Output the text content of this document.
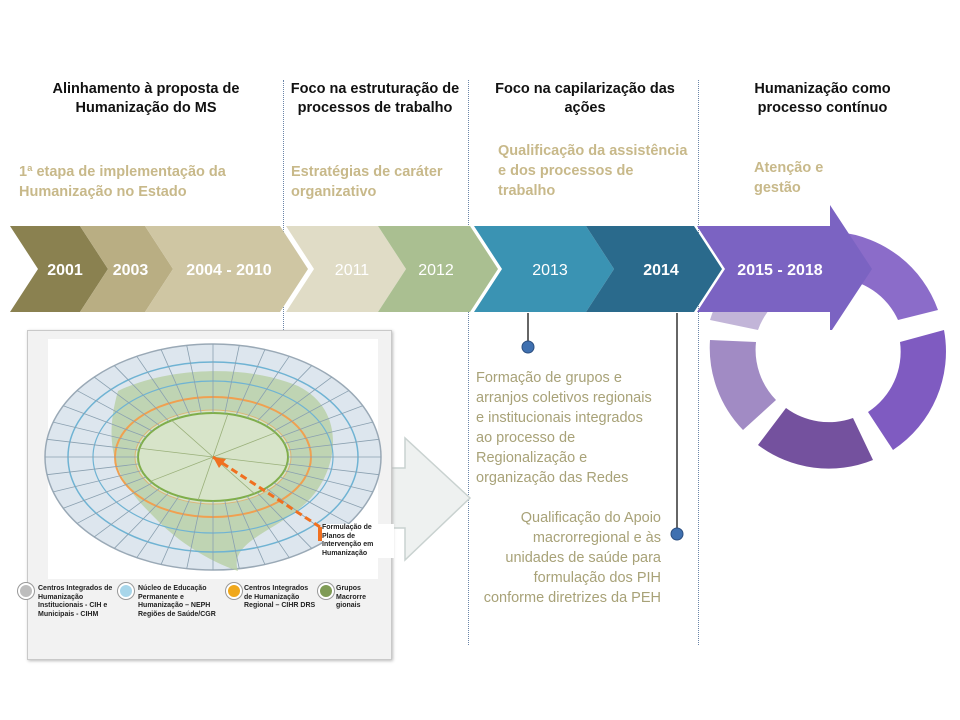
Alinhamento à proposta de Humanização do MS
Foco na estruturação de processos de trabalho
Foco na capilarização das ações
Humanização como processo contínuo
1ª etapa de implementação da Humanização no Estado
Estratégias de caráter organizativo
Qualificação da assistência e dos processos de trabalho
Atenção e gestão
2001	2003	2004 - 2010	2011	2012	2013	2014	2015 - 2018
Formação de grupos e arranjos coletivos regionais e institucionais integrados ao processo de Regionalização e organização das Redes
Qualificação do Apoio macrorregional e às unidades de saúde para formulação dos PIH conforme diretrizes da PEH
Centros Integrados de Humanização Institucionais - CIH e Municipais - CIHM
Núcleo de Educação Permanente e Humanização – NEPH Regiões de Saúde/CGR
Centros Integrados de Humanização Regional – CIHR DRS
Grupos Macrorre gionais
Formulação de Planos de Intervenção em Humanização
